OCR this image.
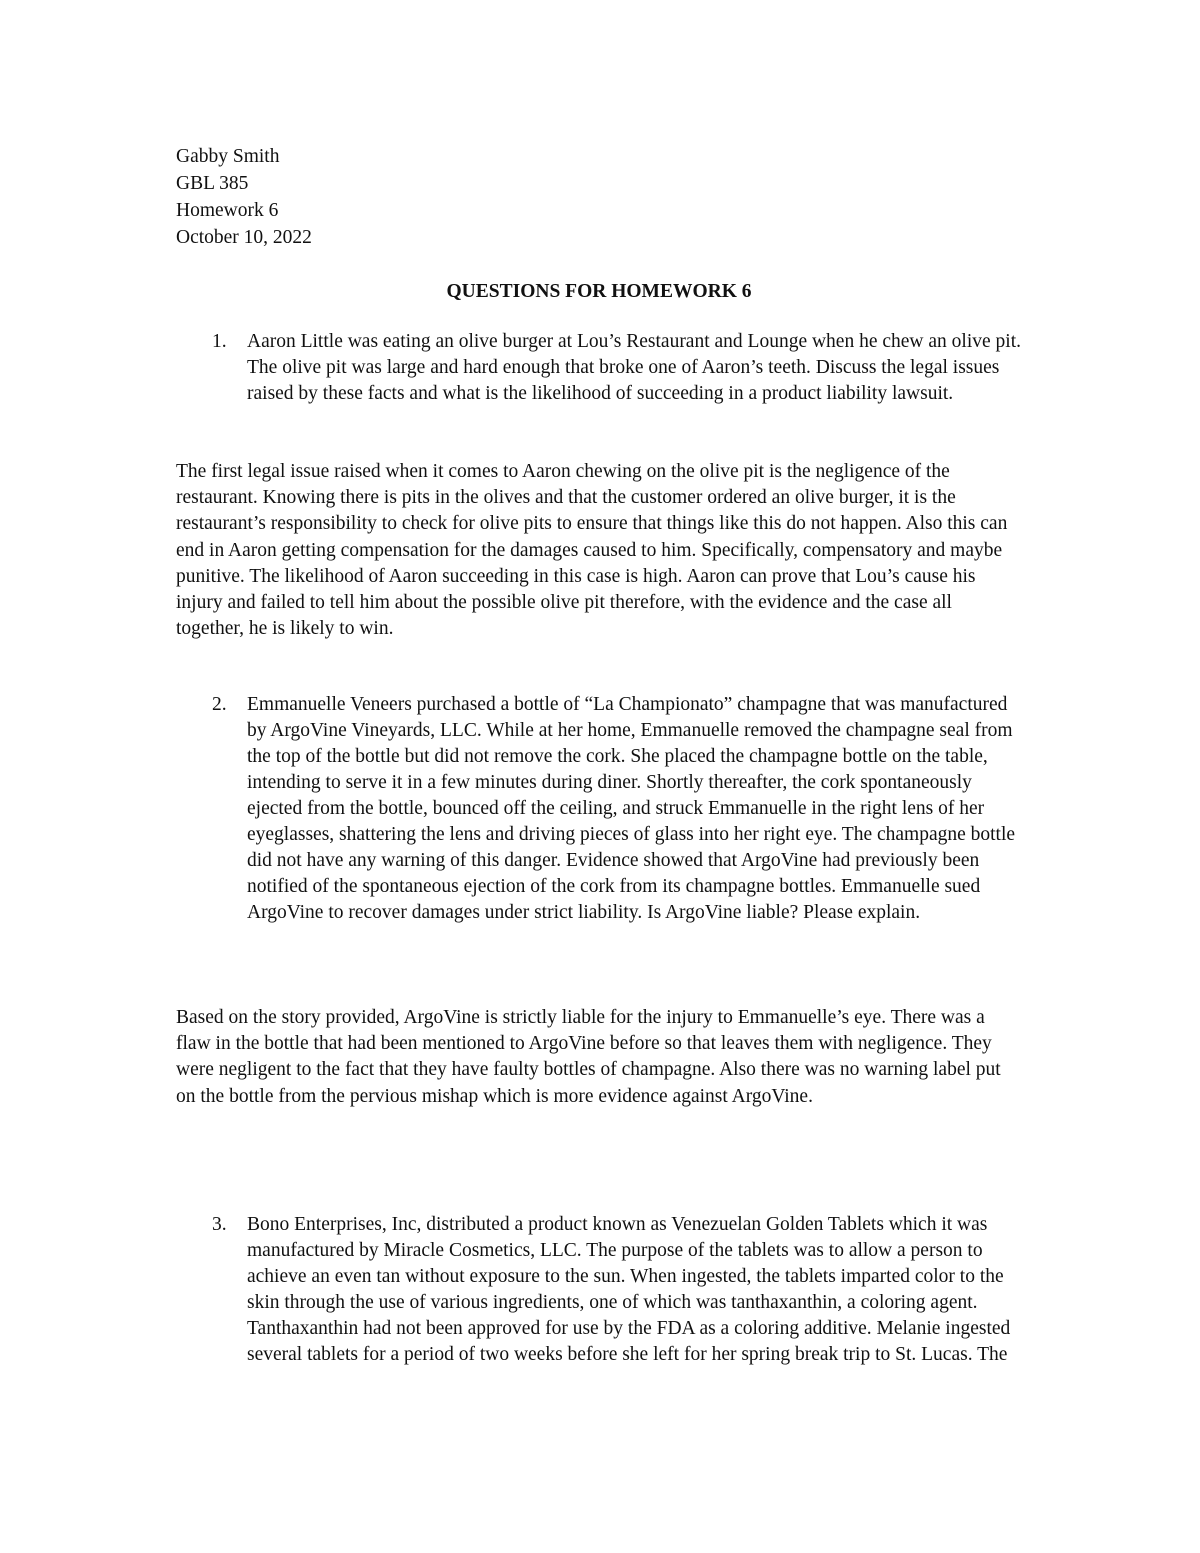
Gabby Smith
GBL 385
Homework 6
October 10, 2022
QUESTIONS FOR HOMEWORK 6
1. Aaron Little was eating an olive burger at Lou’s Restaurant and Lounge when he chew an olive pit. The olive pit was large and hard enough that broke one of Aaron’s teeth. Discuss the legal issues raised by these facts and what is the likelihood of succeeding in a product liability lawsuit.
The first legal issue raised when it comes to Aaron chewing on the olive pit is the negligence of the restaurant. Knowing there is pits in the olives and that the customer ordered an olive burger, it is the restaurant’s responsibility to check for olive pits to ensure that things like this do not happen. Also this can end in Aaron getting compensation for the damages caused to him. Specifically, compensatory and maybe punitive. The likelihood of Aaron succeeding in this case is high. Aaron can prove that Lou’s cause his injury and failed to tell him about the possible olive pit therefore, with the evidence and the case all together, he is likely to win.
2. Emmanuelle Veneers purchased a bottle of “La Championato” champagne that was manufactured by ArgoVine Vineyards, LLC. While at her home, Emmanuelle removed the champagne seal from the top of the bottle but did not remove the cork. She placed the champagne bottle on the table, intending to serve it in a few minutes during diner. Shortly thereafter, the cork spontaneously ejected from the bottle, bounced off the ceiling, and struck Emmanuelle in the right lens of her eyeglasses, shattering the lens and driving pieces of glass into her right eye. The champagne bottle did not have any warning of this danger. Evidence showed that ArgoVine had previously been notified of the spontaneous ejection of the cork from its champagne bottles. Emmanuelle sued ArgoVine to recover damages under strict liability. Is ArgoVine liable? Please explain.
Based on the story provided, ArgoVine is strictly liable for the injury to Emmanuelle’s eye. There was a flaw in the bottle that had been mentioned to ArgoVine before so that leaves them with negligence. They were negligent to the fact that they have faulty bottles of champagne. Also there was no warning label put on the bottle from the pervious mishap which is more evidence against ArgoVine.
3. Bono Enterprises, Inc, distributed a product known as Venezuelan Golden Tablets which it was manufactured by Miracle Cosmetics, LLC. The purpose of the tablets was to allow a person to achieve an even tan without exposure to the sun. When ingested, the tablets imparted color to the skin through the use of various ingredients, one of which was tanthaxanthin, a coloring agent. Tanthaxanthin had not been approved for use by the FDA as a coloring additive. Melanie ingested several tablets for a period of two weeks before she left for her spring break trip to St. Lucas. The
